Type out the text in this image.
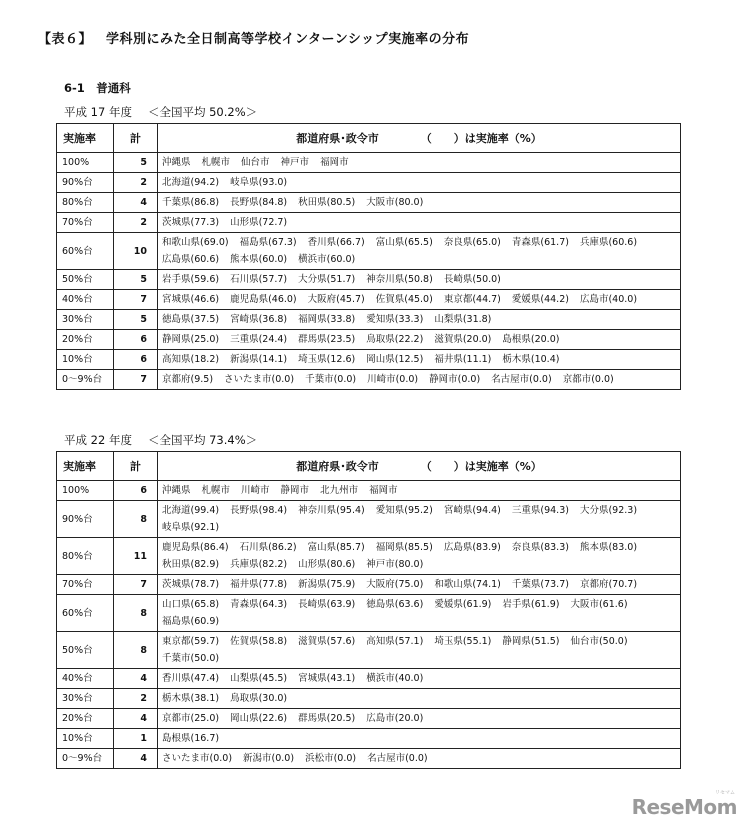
【表６】 学科別にみた全日制高等学校インターンシップ実施率の分布
6-1　普通科
平成 17 年度 ＜全国平均 50.2%＞
実施率	計	都道府県･政令市 （　　）は実施率（%）
100%	5	沖縄県 札幌市 仙台市 神戸市 福岡市
90%台	2	北海道(94.2) 岐阜県(93.0)
80%台	4	千葉県(86.8) 長野県(84.8) 秋田県(80.5) 大阪市(80.0)
70%台	2	茨城県(77.3) 山形県(72.7)
60%台	10	和歌山県(69.0) 福島県(67.3) 香川県(66.7) 富山県(65.5) 奈良県(65.0) 青森県(61.7) 兵庫県(60.6)広島県(60.6) 熊本県(60.0) 横浜市(60.0)
50%台	5	岩手県(59.6) 石川県(57.7) 大分県(51.7) 神奈川県(50.8) 長崎県(50.0)
40%台	7	宮城県(46.6) 鹿児島県(46.0) 大阪府(45.7) 佐賀県(45.0) 東京都(44.7) 愛媛県(44.2) 広島市(40.0)
30%台	5	徳島県(37.5) 宮崎県(36.8) 福岡県(33.8) 愛知県(33.3) 山梨県(31.8)
20%台	6	静岡県(25.0) 三重県(24.4) 群馬県(23.5) 鳥取県(22.2) 滋賀県(20.0) 島根県(20.0)
10%台	6	高知県(18.2) 新潟県(14.1) 埼玉県(12.6) 岡山県(12.5) 福井県(11.1) 栃木県(10.4)
0～9%台	7	京都府(9.5) さいたま市(0.0) 千葉市(0.0) 川崎市(0.0) 静岡市(0.0) 名古屋市(0.0) 京都市(0.0)
平成 22 年度 ＜全国平均 73.4%＞
実施率	計	都道府県･政令市 （　　）は実施率（%）
100%	6	沖縄県 札幌市 川崎市 静岡市 北九州市 福岡市
90%台	8	北海道(99.4) 長野県(98.4) 神奈川県(95.4) 愛知県(95.2) 宮崎県(94.4) 三重県(94.3) 大分県(92.3)岐阜県(92.1)
80%台	11	鹿児島県(86.4) 石川県(86.2) 富山県(85.7) 福岡県(85.5) 広島県(83.9) 奈良県(83.3) 熊本県(83.0)秋田県(82.9) 兵庫県(82.2) 山形県(80.6) 神戸市(80.0)
70%台	7	茨城県(78.7) 福井県(77.8) 新潟県(75.9) 大阪府(75.0) 和歌山県(74.1) 千葉県(73.7) 京都府(70.7)
60%台	8	山口県(65.8) 青森県(64.3) 長崎県(63.9) 徳島県(63.6) 愛媛県(61.9) 岩手県(61.9) 大阪市(61.6)福島県(60.9)
50%台	8	東京都(59.7) 佐賀県(58.8) 滋賀県(57.6) 高知県(57.1) 埼玉県(55.1) 静岡県(51.5) 仙台市(50.0)千葉市(50.0)
40%台	4	香川県(47.4) 山梨県(45.5) 宮城県(43.1) 横浜市(40.0)
30%台	2	栃木県(38.1) 鳥取県(30.0)
20%台	4	京都市(25.0) 岡山県(22.6) 群馬県(20.5) 広島市(20.0)
10%台	1	島根県(16.7)
0～9%台	4	さいたま市(0.0) 新潟市(0.0) 浜松市(0.0) 名古屋市(0.0)
リセマム
ReseMom
